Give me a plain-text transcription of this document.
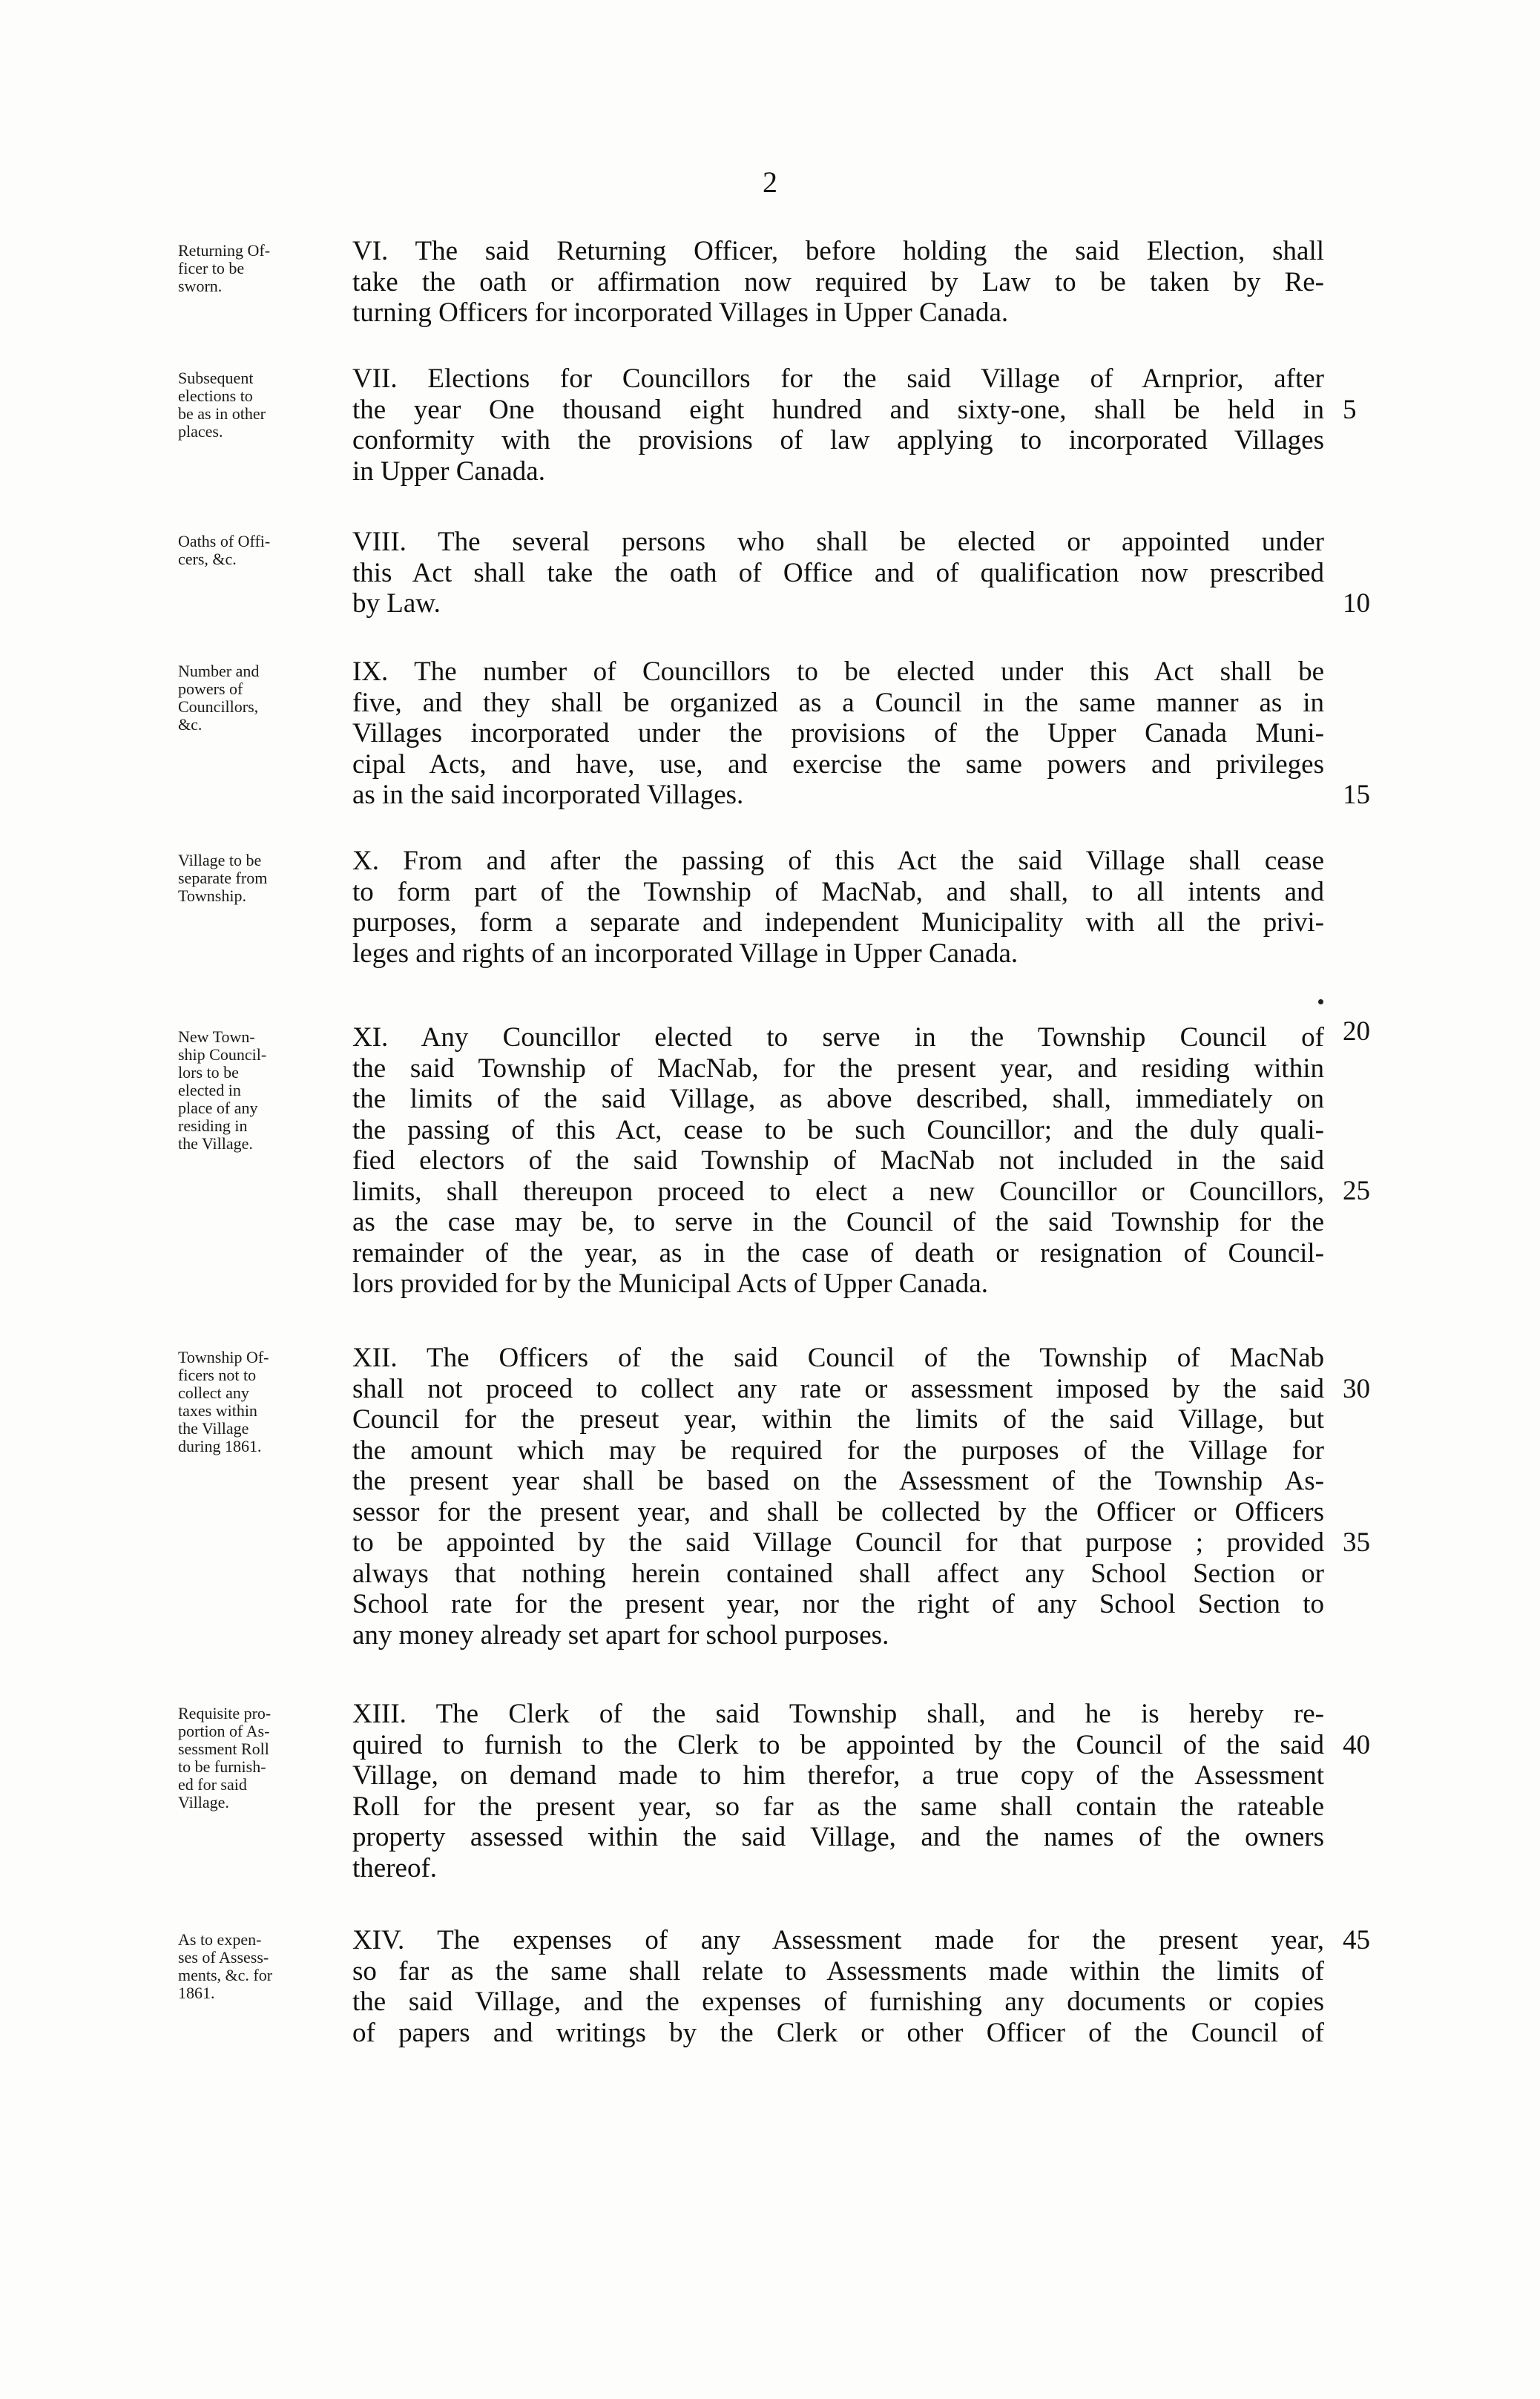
2
Returning Of-
ficer to be
sworn.
VI. The said Returning Officer, before holding the said Election, shall
take the oath or affirmation now required by Law to be taken by Re-
turning Officers for incorporated Villages in Upper Canada.
Subsequent
elections to
be as in other
places.
VII. Elections for Councillors for the said Village of Arnprior, after
the year One thousand eight hundred and sixty-one, shall be held in
conformity with the provisions of law applying to incorporated Villages
in Upper Canada.
5
Oaths of Offi-
cers, &c.
VIII. The several persons who shall be elected or appointed under
this Act shall take the oath of Office and of qualification now prescribed
by Law.	10
Number and
powers of
Councillors,
&c.
IX. The number of Councillors to be elected under this Act shall be
five, and they shall be organized as a Council in the same manner as in
Villages incorporated under the provisions of the Upper Canada Muni-
cipal Acts, and have, use, and exercise the same powers and privileges
as in the said incorporated Villages.	15
Village to be
separate from
Township.
X. From and after the passing of this Act the said Village shall cease
to form part of the Township of MacNab, and shall, to all intents and
purposes, form a separate and independent Municipality with all the privi-
leges and rights of an incorporated Village in Upper Canada.
New Town-
ship Council-
lors to be
elected in
place of any
residing in
the Village.
XI. Any Councillor elected to serve in the Township Council of
the said Township of MacNab, for the present year, and residing within
the limits of the said Village, as above described, shall, immediately on
the passing of this Act, cease to be such Councillor; and the duly quali-
fied electors of the said Township of MacNab not included in the said
limits, shall thereupon proceed to elect a new Councillor or Councillors,
as the case may be, to serve in the Council of the said Township for the
remainder of the year, as in the case of death or resignation of Council-
lors provided for by the Municipal Acts of Upper Canada.
20
25
Township Of-
ficers not to
collect any
taxes within
the Village
during 1861.
XII. The Officers of the said Council of the Township of MacNab
shall not proceed to collect any rate or assessment imposed by the said
Council for the preseut year, within the limits of the said Village, but
the amount which may be required for the purposes of the Village for
the present year shall be based on the Assessment of the Township As-
sessor for the present year, and shall be collected by the Officer or Officers
to be appointed by the said Village Council for that purpose ; provided
always that nothing herein contained shall affect any School Section or
School rate for the present year, nor the right of any School Section to
any money already set apart for school purposes.
30
35
Requisite pro-
portion of As-
sessment Roll
to be furnish-
ed for said
Village.
XIII. The Clerk of the said Township shall, and he is hereby re-
quired to furnish to the Clerk to be appointed by the Council of the said
Village, on demand made to him therefor, a true copy of the Assessment
Roll for the present year, so far as the same shall contain the rateable
property assessed within the said Village, and the names of the owners
thereof.
40
As to expen-
ses of Assess-
ments, &c. for
1861.
XIV. The expenses of any Assessment made for the present year,
so far as the same shall relate to Assessments made within the limits of
the said Village, and the expenses of furnishing any documents or copies
of papers and writings by the Clerk or other Officer of the Council of
45
